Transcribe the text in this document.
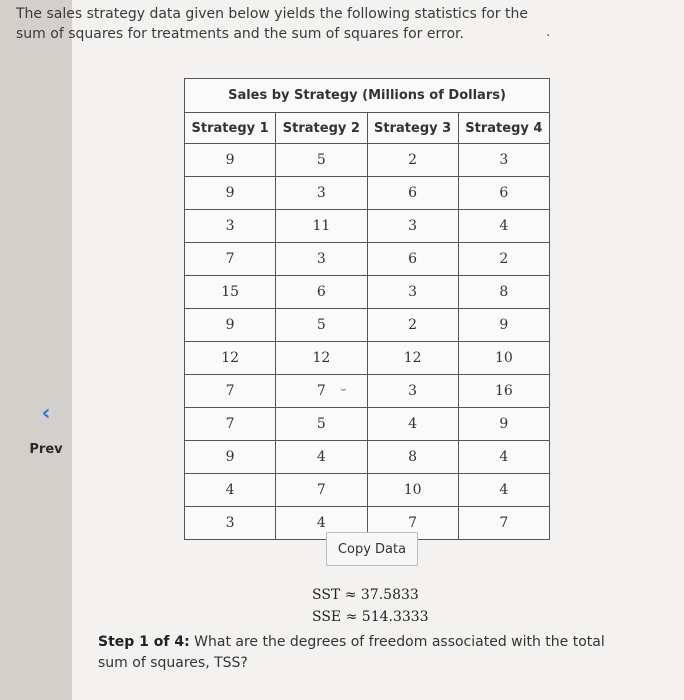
The sales strategy data given below yields the following statistics for the sum of squares for treatments and the sum of squares for error.	·
‹
Prev
Sales by Strategy (Millions of Dollars)			
Strategy 1	Strategy 2	Strategy 3	Strategy 4
9	5	2	3
9	3	6	6
3	11	3	4
7	3	6	2
15	6	3	8
9	5	2	9
12	12	12	10
7	7	3	16
7	5	4	9
9	4	8	4
4	7	10	4
3	4	7	7
⌣
Copy Data
SST ≈ 37.5833
SSE ≈ 514.3333
Step 1 of 4: What are the degrees of freedom associated with the total sum of squares, TSS?
